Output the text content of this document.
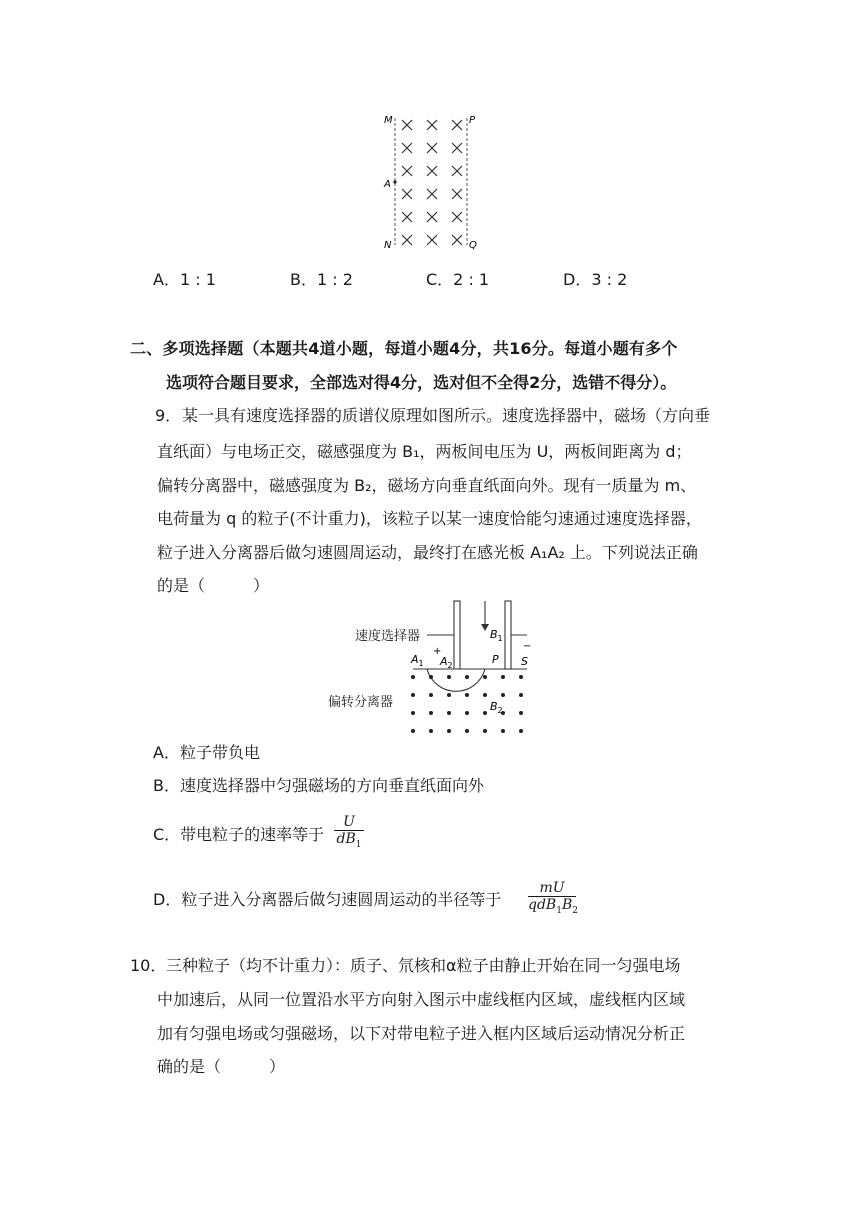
M	P
A
N	Q
A．1 : 1	B．1 : 2	C．2 : 1	D．3 : 2
二、多项选择题（本题共4道小题，每道小题4分，共16分。每道小题有多个
选项符合题目要求，全部选对得4分，选对但不全得2分，选错不得分）。
9． 某一具有速度选择器的质谱仪原理如图所示。速度选择器中，磁场（方向垂
直纸面）与电场正交，磁感强度为 B₁，两板间电压为 U，两板间距离为 d；
偏转分离器中，磁感强度为 B₂，磁场方向垂直纸面向外。现有一质量为 m、
电荷量为 q 的粒子(不计重力)，该粒子以某一速度恰能匀速通过速度选择器，
粒子进入分离器后做匀速圆周运动，最终打在感光板 A₁A₂ 上。下列说法正确
的是（　　　）
速度选择器
偏转分离器
$B_1$
$A_1$
+
$A_2$	P
−
S
$B_2$
A．粒子带负电
B．速度选择器中匀强磁场的方向垂直纸面向外
C．带电粒子的速率等于
U
$dB_1$
D．粒子进入分离器后做匀速圆周运动的半径等于
mU
$qdB_1B_2$
10． 三种粒子（均不计重力）：质子、氘核和α粒子由静止开始在同一匀强电场
中加速后，从同一位置沿水平方向射入图示中虚线框内区域，虚线框内区域
加有匀强电场或匀强磁场，以下对带电粒子进入框内区域后运动情况分析正
确的是（　　　）
